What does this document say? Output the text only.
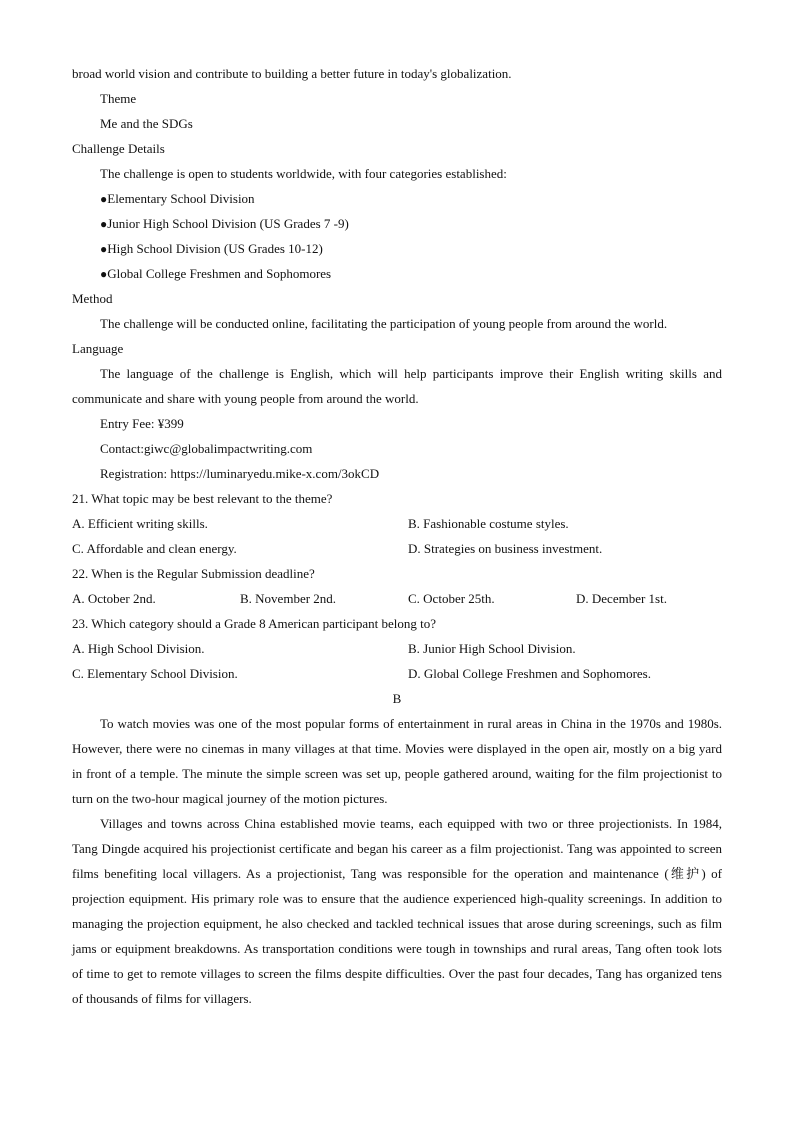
broad world vision and contribute to building a better future in today's globalization.
Theme
Me and the SDGs
Challenge Details
The challenge is open to students worldwide, with four categories established:
●Elementary School Division
●Junior High School Division (US Grades 7 -9)
●High School Division (US Grades 10-12)
●Global College Freshmen and Sophomores
Method
The challenge will be conducted online, facilitating the participation of young people from around the world.
Language
The language of the challenge is English, which will help participants improve their English writing skills and communicate and share with young people from around the world.
Entry Fee: ¥399
Contact:giwc@globalimpactwriting.com
Registration: https://luminaryedu.mike-x.com/3okCD
21. What topic may be best relevant to the theme?
A. Efficient writing skills.	B. Fashionable costume styles.
C. Affordable and clean energy.	D. Strategies on business investment.
22. When is the Regular Submission deadline?
A. October 2nd.	B. November 2nd.	C. October 25th.	D. December 1st.
23. Which category should a Grade 8 American participant belong to?
A. High School Division.	B. Junior High School Division.
C. Elementary School Division.	D. Global College Freshmen and Sophomores.
B
To watch movies was one of the most popular forms of entertainment in rural areas in China in the 1970s and 1980s. However, there were no cinemas in many villages at that time. Movies were displayed in the open air, mostly on a big yard in front of a temple. The minute the simple screen was set up, people gathered around, waiting for the film projectionist to turn on the two-hour magical journey of the motion pictures.
Villages and towns across China established movie teams, each equipped with two or three projectionists. In 1984, Tang Dingde acquired his projectionist certificate and began his career as a film projectionist. Tang was appointed to screen films benefiting local villagers. As a projectionist, Tang was responsible for the operation and maintenance (维护) of projection equipment. His primary role was to ensure that the audience experienced high-quality screenings. In addition to managing the projection equipment, he also checked and tackled technical issues that arose during screenings, such as film jams or equipment breakdowns. As transportation conditions were tough in townships and rural areas, Tang often took lots of time to get to remote villages to screen the films despite difficulties. Over the past four decades, Tang has organized tens of thousands of films for villagers.
